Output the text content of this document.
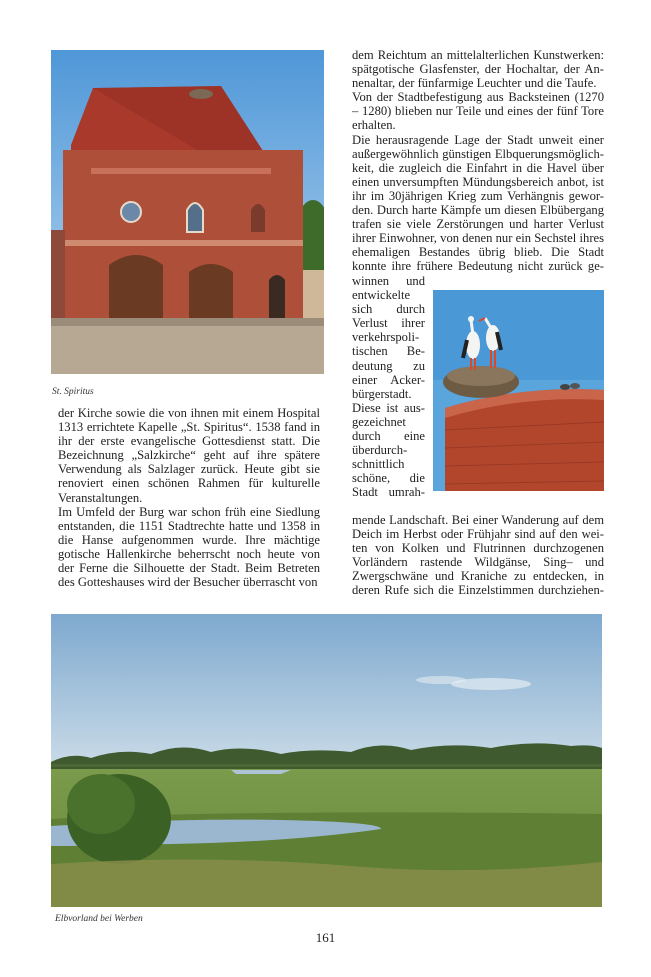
St. Spiritus
Elbvorland bei Werben
der Kirche sowie die von ihnen mit einem Hospital
1313 errichtete Kapelle „St. Spiritus“. 1538 fand in
ihr der erste evangelische Gottesdienst statt. Die
Bezeichnung „Salzkirche“ geht auf ihre spätere
Verwendung als Salzlager zurück. Heute gibt sie
renoviert einen schönen Rahmen für kulturelle
Veranstaltungen.
Im Umfeld der Burg war schon früh eine Siedlung
entstanden, die 1151 Stadtrechte hatte und 1358 in
die Hanse aufgenommen wurde. Ihre mächtige
gotische Hallenkirche beherrscht noch heute von
der Ferne die Silhouette der Stadt. Beim Betreten
des Gotteshauses wird der Besucher überrascht von
dem Reichtum an mittelalterlichen Kunstwerken:
spätgotische Glasfenster, der Hochaltar, der An-
nenaltar, der fünfarmige Leuchter und die Taufe.
Von der Stadtbefestigung aus Backsteinen (1270
– 1280) blieben nur Teile und eines der fünf Tore
erhalten.
Die herausragende Lage der Stadt unweit einer
außergewöhnlich günstigen Elbquerungsmöglich-
keit, die zugleich die Einfahrt in die Havel über
einen unversumpften Mündungsbereich anbot, ist
ihr im 30jährigen Krieg zum Verhängnis gewor-
den. Durch harte Kämpfe um diesen Elbübergang
trafen sie viele Zerstörungen und harter Verlust
ihrer Einwohner, von denen nur ein Sechstel ihres
ehemaligen Bestandes übrig blieb. Die Stadt
konnte ihre frühere Bedeutung nicht zurück ge-
winnen und
entwickelte
sich durch
Verlust ihrer
verkehrspoli-
tischen Be-
deutung zu
einer Acker-
bürgerstadt.
Diese ist aus-
gezeichnet
durch eine
überdurch-
schnittlich
schöne, die
Stadt umrah-
mende Landschaft. Bei einer Wanderung auf dem
Deich im Herbst oder Frühjahr sind auf den wei-
ten von Kolken und Flutrinnen durchzogenen
Vorländern rastende Wildgänse, Sing– und
Zwergschwäne und Kraniche zu entdecken, in
deren Rufe sich die Einzelstimmen durchziehen-
161
